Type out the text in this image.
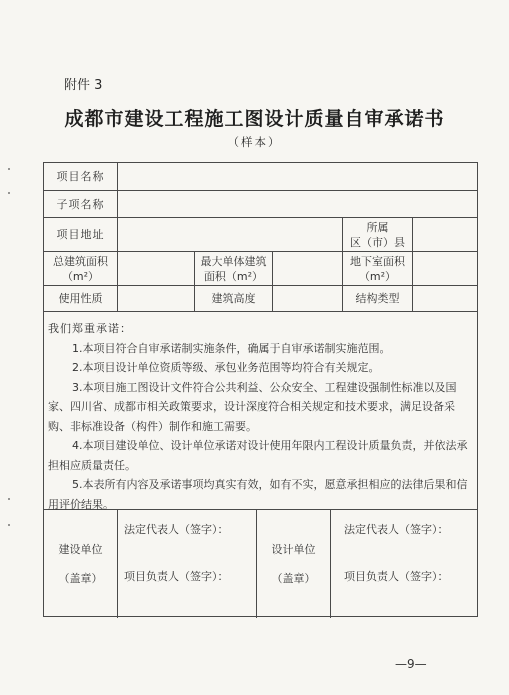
附件 3
成都市建设工程施工图设计质量自审承诺书
（样本）
项目名称
子项名称
项目地址
所属
区（市）县
总建筑面积
（m²）
最大单体建筑
面积（m²）
地下室面积
（m²）
使用性质	建筑高度	结构类型

我们郑重承诺：

1.本项目符合自审承诺制实施条件，确属于自审承诺制实施范围。

2.本项目设计单位资质等级、承包业务范围等均符合有关规定。

3.本项目施工图设计文件符合公共利益、公众安全、工程建设强制性标准以及国家、四川省、成都市相关政策要求，设计深度符合相关规定和技术要求，满足设备采购、非标准设备（构件）制作和施工需要。

4.本项目建设单位、设计单位承诺对设计使用年限内工程设计质量负责，并依法承担相应质量责任。

5.本表所有内容及承诺事项均真实有效，如有不实，愿意承担相应的法律后果和信用评价结果。

建设单位
（盖章）
法定代表人（签字）：
项目负责人（签字）：
设计单位
（盖章）
法定代表人（签字）：
项目负责人（签字）：
—9—
